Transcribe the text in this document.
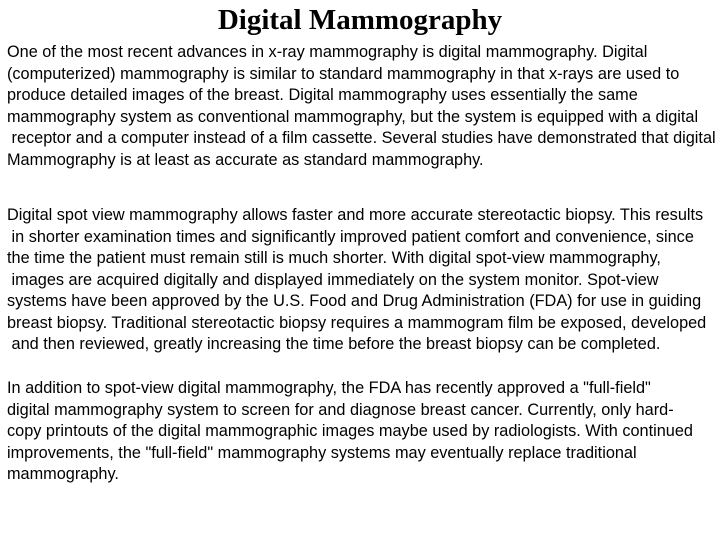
Digital Mammography
One of the most recent advances in x-ray mammography is digital mammography. Digital
(computerized) mammography is similar to standard mammography in that x-rays are used to
produce detailed images of the breast. Digital mammography uses essentially the same
mammography system as conventional mammography, but the system is equipped with a digital
receptor and a computer instead of a film cassette. Several studies have demonstrated that digital
Mammography is at least as accurate as standard mammography.
Digital spot view mammography allows faster and more accurate stereotactic biopsy. This results
in shorter examination times and significantly improved patient comfort and convenience, since
the time the patient must remain still is much shorter. With digital spot-view mammography,
images are acquired digitally and displayed immediately on the system monitor. Spot-view
systems have been approved by the U.S. Food and Drug Administration (FDA) for use in guiding
breast biopsy. Traditional stereotactic biopsy requires a mammogram film be exposed, developed
and then reviewed, greatly increasing the time before the breast biopsy can be completed.
In addition to spot-view digital mammography, the FDA has recently approved a "full-field"
digital mammography system to screen for and diagnose breast cancer. Currently, only hard-
copy printouts of the digital mammographic images maybe used by radiologists. With continued
improvements, the "full-field" mammography systems may eventually replace traditional
mammography.
